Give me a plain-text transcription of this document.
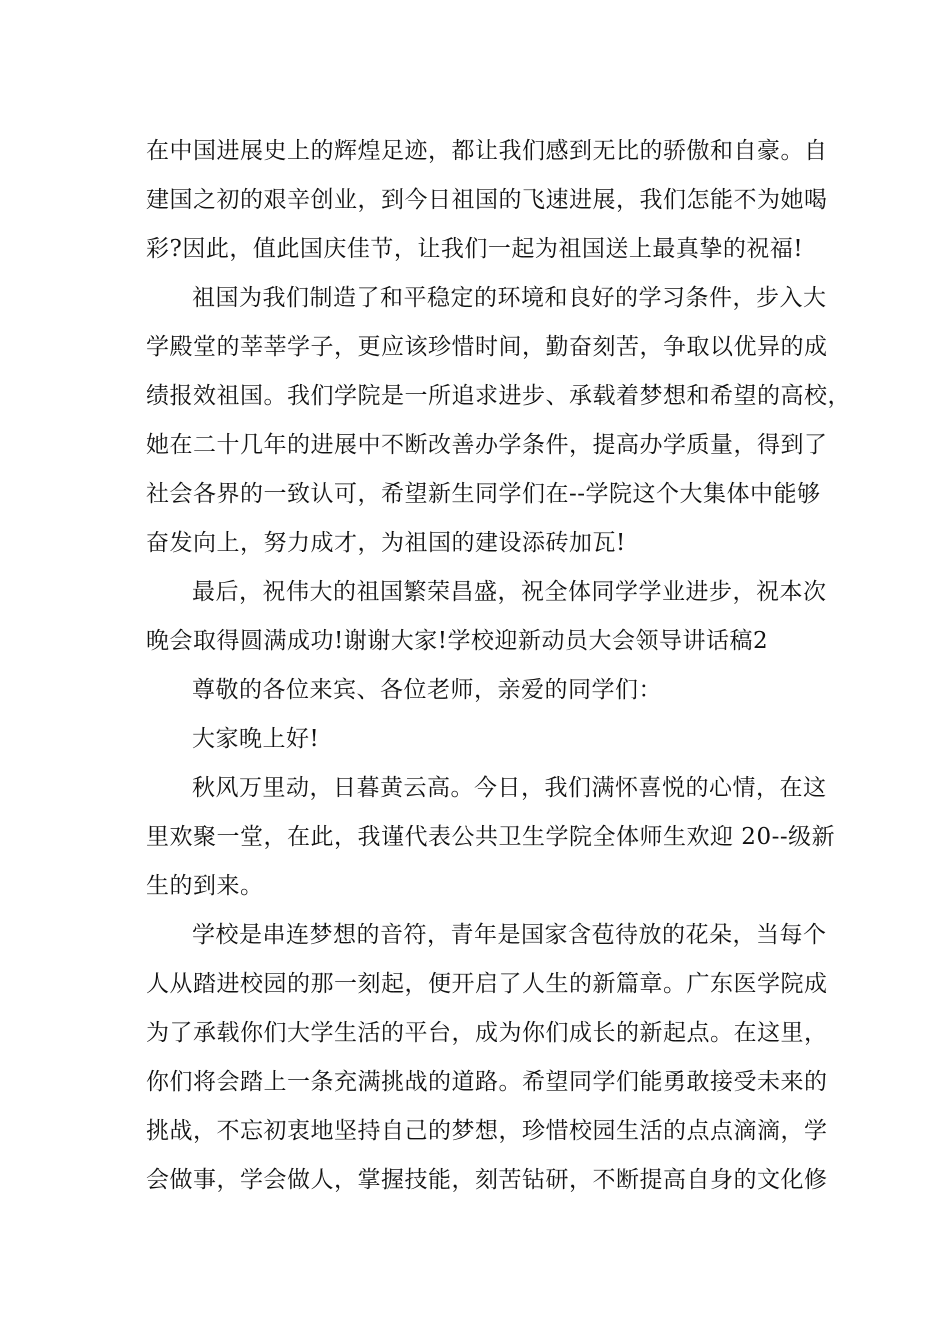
在中国进展史上的辉煌足迹，都让我们感到无比的骄傲和自豪。自
建国之初的艰辛创业，到今日祖国的飞速进展，我们怎能不为她喝
彩?因此，值此国庆佳节，让我们一起为祖国送上最真挚的祝福!
祖国为我们制造了和平稳定的环境和良好的学习条件，步入大
学殿堂的莘莘学子，更应该珍惜时间，勤奋刻苦，争取以优异的成
绩报效祖国。我们学院是一所追求进步、承载着梦想和希望的高校，
她在二十几年的进展中不断改善办学条件，提高办学质量，得到了
社会各界的一致认可，希望新生同学们在--学院这个大集体中能够
奋发向上，努力成才，为祖国的建设添砖加瓦!
最后，祝伟大的祖国繁荣昌盛，祝全体同学学业进步，祝本次
晚会取得圆满成功!谢谢大家!学校迎新动员大会领导讲话稿2
尊敬的各位来宾、各位老师，亲爱的同学们：
大家晚上好!
秋风万里动，日暮黄云高。今日，我们满怀喜悦的心情，在这
里欢聚一堂，在此，我谨代表公共卫生学院全体师生欢迎 20--级新
生的到来。
学校是串连梦想的音符，青年是国家含苞待放的花朵，当每个
人从踏进校园的那一刻起，便开启了人生的新篇章。广东医学院成
为了承载你们大学生活的平台，成为你们成长的新起点。在这里，
你们将会踏上一条充满挑战的道路。希望同学们能勇敢接受未来的
挑战，不忘初衷地坚持自己的梦想，珍惜校园生活的点点滴滴，学
会做事，学会做人，掌握技能，刻苦钻研，不断提高自身的文化修
